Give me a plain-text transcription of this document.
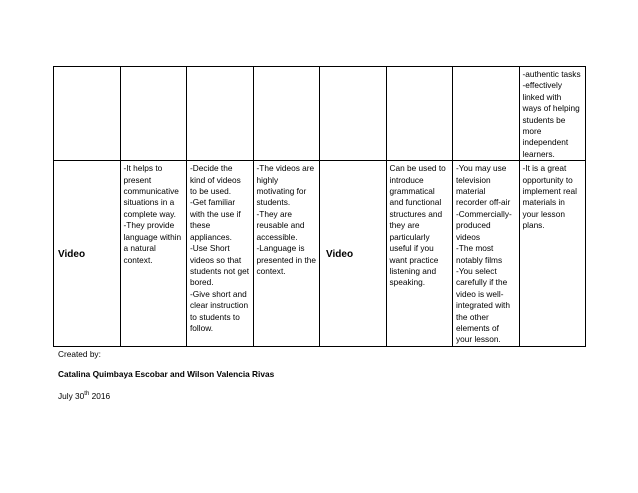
							-authentic tasks
-effectively linked with ways of helping students be more independent learners.
Video	-It helps to present communicative situations in a complete way.
-They provide language within a natural context.	-Decide the kind of videos to be used.
-Get familiar with the use if these appliances.
-Use Short videos so that students not get bored.
-Give short and clear instruction to students to follow.	-The videos are highly motivating for students.
-They are reusable and accessible.
-Language is presented in the context.	Video	Can be used to introduce grammatical and functional structures and they are particularly useful if you want practice listening and speaking.	-You may use television material recorder off-air
-Commercially-produced videos
-The most notably films
-You select carefully if the video is well-integrated with the other elements of your lesson.	-It is a great opportunity to implement real materials in your lesson plans.
Created by:
Catalina Quimbaya Escobar and Wilson Valencia Rivas
July 30th 2016
